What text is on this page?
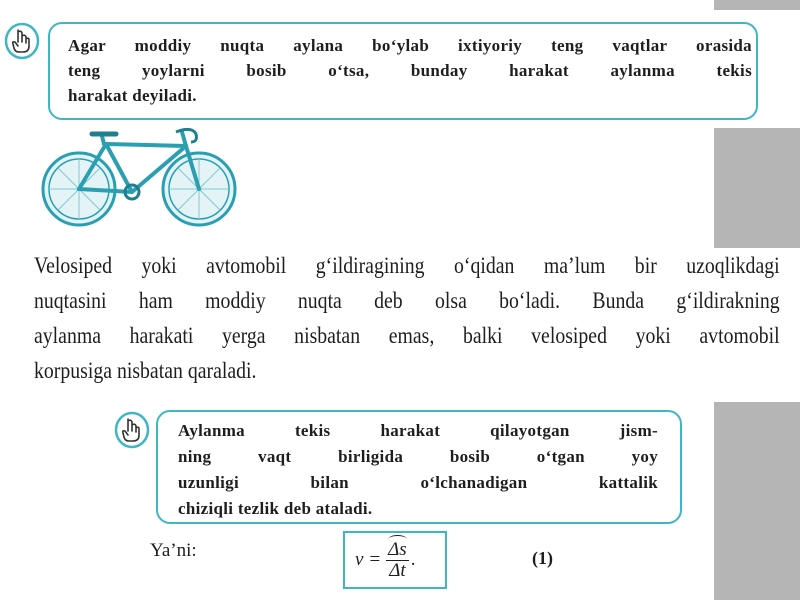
Agar moddiy nuqta aylana bo‘ylab ixtiyoriy teng vaqtlar orasida
teng yoylarni bosib o‘tsa, bunday harakat aylanma tekis
harakat deyiladi.
Velosiped yoki avtomobil g‘ildiragining o‘qidan ma’lum bir uzoqlikdagi
nuqtasini ham moddiy nuqta deb olsa bo‘ladi. Bunda g‘ildirakning
aylanma harakati yerga nisbatan emas, balki velosiped yoki avtomobil
korpusiga nisbatan qaraladi.
Aylanma tekis harakat qilayotgan jism-
ning vaqt birligida bosib o‘tgan yoy
uzunligi bilan o‘lchanadigan kattalik
chiziqli tezlik deb ataladi.
Ya’ni:	$v = \frac{\Delta s}{\Delta t}$ .	(1)
